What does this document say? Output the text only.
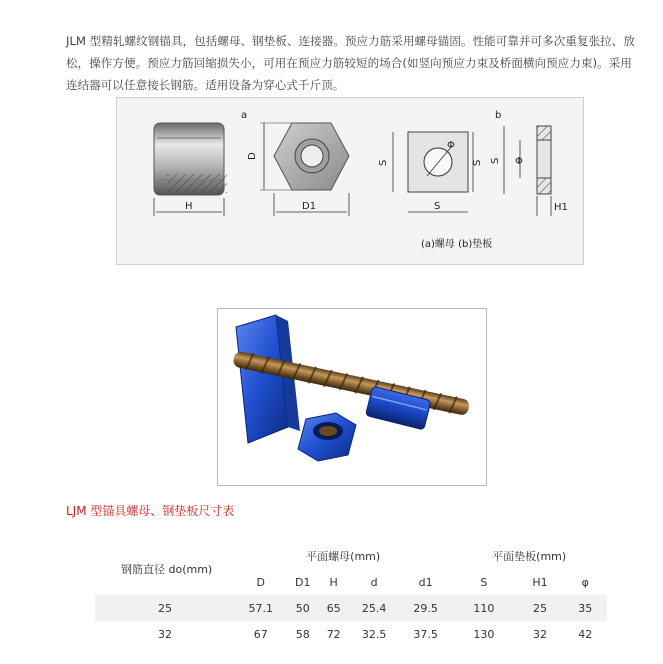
JLM 型精轧螺纹钢锚具，包括螺母、钢垫板、连接器。预应力筋采用螺母锚固。性能可靠并可多次重复张拉、放松，操作方便。预应力筋回缩损失小，可用在预应力筋较短的场合(如竖向预应力束及桥面横向预应力束)。采用连结器可以任意接长钢筋。适用设备为穿心式千斤顶。
H
D
a
D1
Φ
S	S
S
S Φ
b
H1
(a)螺母 (b)垫板
LJM 型锚具螺母、钢垫板尺寸表
钢筋直径 do(mm)	平面螺母(mm)					平面垫板(mm)		
	D	D1	H	d	d1	S	H1	φ
25	57.1	50	65	25.4	29.5	110	25	35
32	67	58	72	32.5	37.5	130	32	42
